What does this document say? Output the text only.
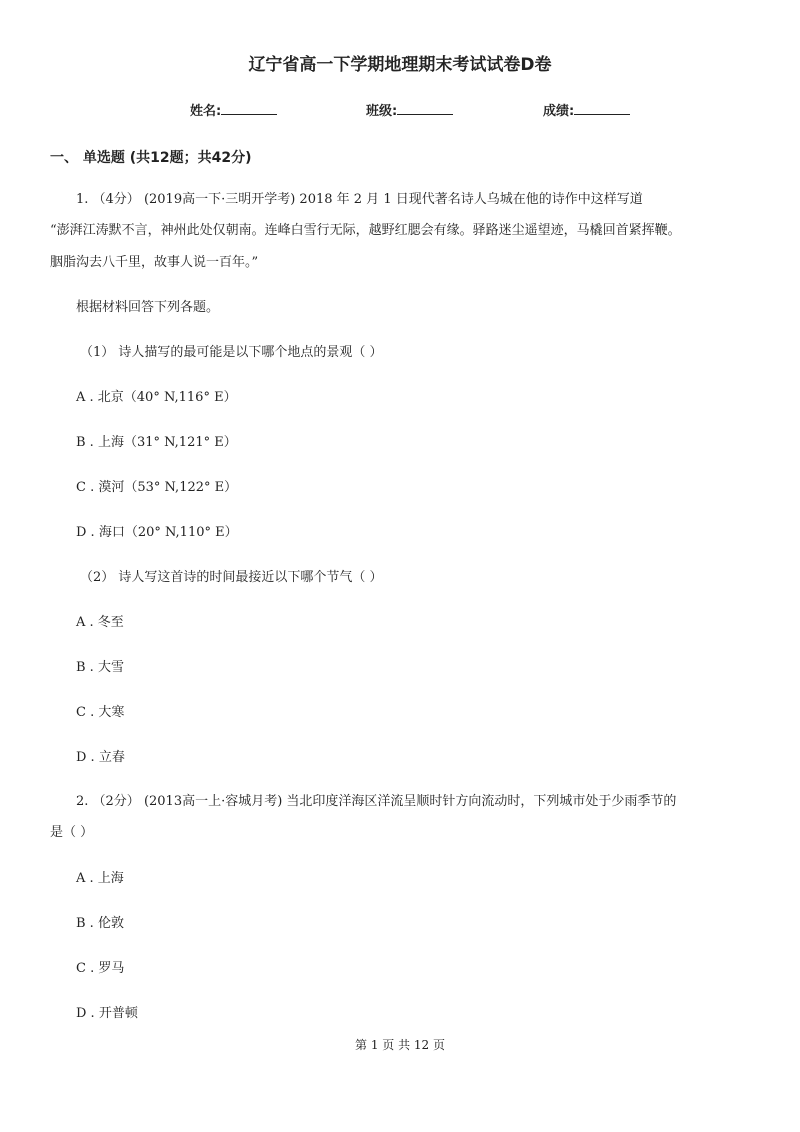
辽宁省高一下学期地理期末考试试卷D卷
姓名:	班级:	成绩:
一、 单选题 (共12题；共42分)
1. （4分） (2019高一下·三明开学考) 2018 年 2 月 1 日现代著名诗人乌城在他的诗作中这样写道
“澎湃江涛默不言，神州此处仅朝南。连峰白雪行无际，越野红腮会有缘。驿路迷尘遥望迹，马橇回首紧挥鞭。
胭脂沟去八千里，故事人说一百年。”
根据材料回答下列各题。
（1） 诗人描写的最可能是以下哪个地点的景观（ ）
A . 北京（40° N,116° E）
B . 上海（31° N,121° E）
C . 漠河（53° N,122° E）
D . 海口（20° N,110° E）
（2） 诗人写这首诗的时间最接近以下哪个节气（ ）
A . 冬至
B . 大雪
C . 大寒
D . 立春
2. （2分） (2013高一上·容城月考) 当北印度洋海区洋流呈顺时针方向流动时，下列城市处于少雨季节的
是（ ）
A . 上海
B . 伦敦
C . 罗马
D . 开普顿
第 1 页 共 12 页
